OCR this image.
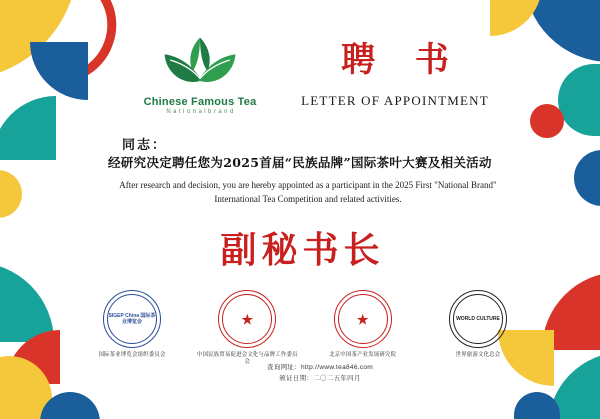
Chinese Famous Tea
N a t i o n a l b r a n d
聘 书
LETTER OF APPOINTMENT
同志：
经研究决定聘任您为2025首届“民族品牌”国际茶叶大赛及相关活动
After research and decision, you are hereby appointed as a participant in the 2025 First "National Brand" International Tea Competition and related activities.
副秘书长
SIGEP China 国际茶业博览会
国际茶业博览会组织委员会
★
中国民族贸易促进会文化与品牌工作委员会
★
北京中国茶产业发展研究院
WORLD CULTURE
世界旅游文化总会
查询网址：http://www.tea846.com
颁证日期：二〇二五年四月
